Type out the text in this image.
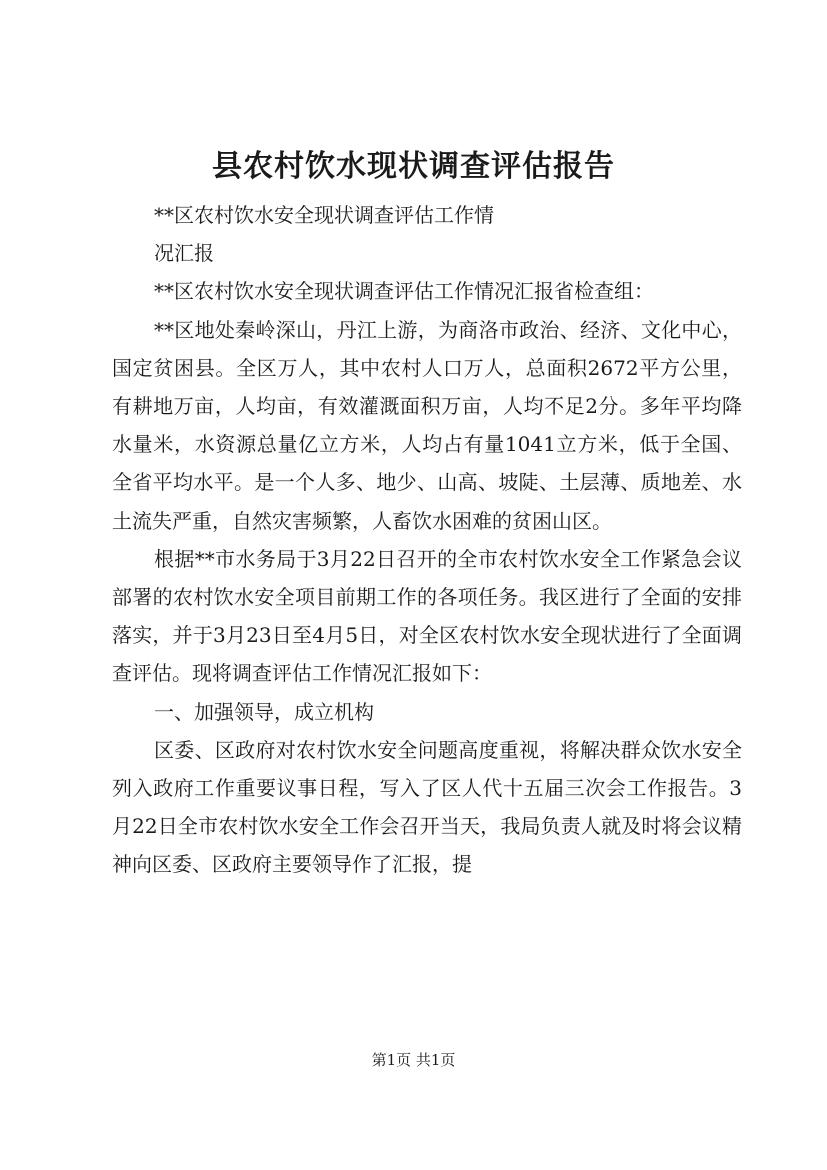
县农村饮水现状调查评估报告

**区农村饮水安全现状调查评估工作情

况汇报

**区农村饮水安全现状调查评估工作情况汇报省检查组：

**区地处秦岭深山，丹江上游，为商洛市政治、经济、文化中心，国定贫困县。全区万人，其中农村人口万人，总面积2672平方公里，有耕地万亩，人均亩，有效灌溉面积万亩，人均不足2分。多年平均降水量米，水资源总量亿立方米，人均占有量1041立方米，低于全国、全省平均水平。是一个人多、地少、山高、坡陡、土层薄、质地差、水土流失严重，自然灾害频繁，人畜饮水困难的贫困山区。

根据**市水务局于3月22日召开的全市农村饮水安全工作紧急会议部署的农村饮水安全项目前期工作的各项任务。我区进行了全面的安排落实，并于3月23日至4月5日，对全区农村饮水安全现状进行了全面调查评估。现将调查评估工作情况汇报如下：

一、加强领导，成立机构

区委、区政府对农村饮水安全问题高度重视，将解决群众饮水安全列入政府工作重要议事日程，写入了区人代十五届三次会工作报告。3月22日全市农村饮水安全工作会召开当天，我局负责人就及时将会议精神向区委、区政府主要领导作了汇报，提

第1页 共1页
